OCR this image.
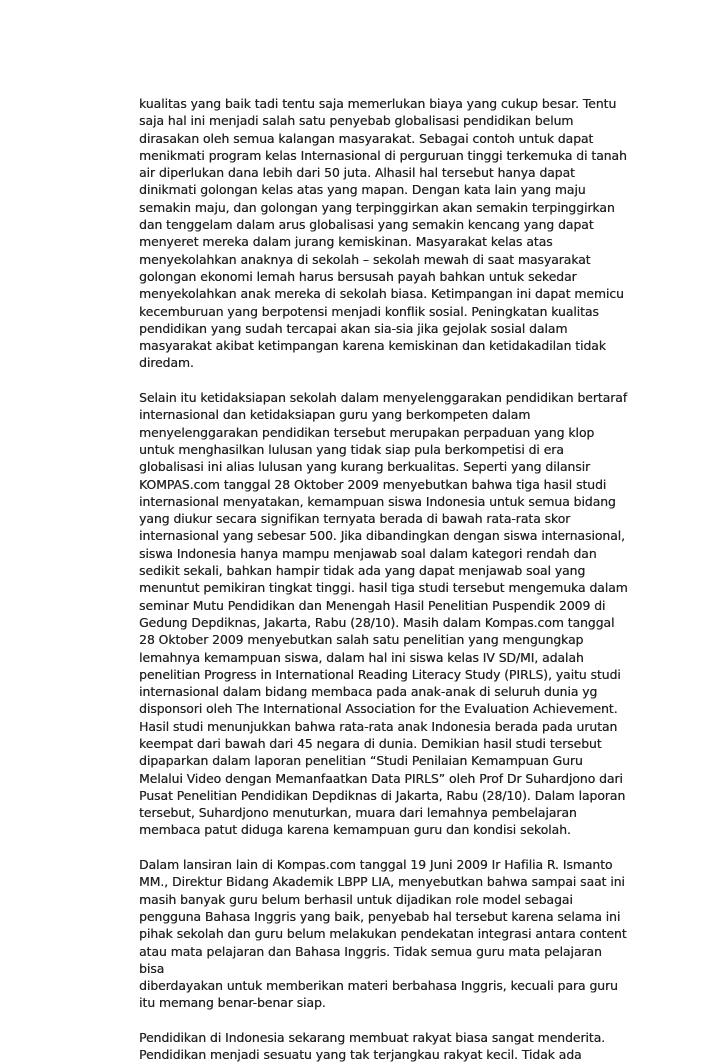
kualitas yang baik tadi tentu saja memerlukan biaya yang cukup besar. Tentu
saja hal ini menjadi salah satu penyebab globalisasi pendidikan belum
dirasakan oleh semua kalangan masyarakat. Sebagai contoh untuk dapat
menikmati program kelas Internasional di perguruan tinggi terkemuka di tanah
air diperlukan dana lebih dari 50 juta. Alhasil hal tersebut hanya dapat
dinikmati golongan kelas atas yang mapan. Dengan kata lain yang maju
semakin maju, dan golongan yang terpinggirkan akan semakin terpinggirkan
dan tenggelam dalam arus globalisasi yang semakin kencang yang dapat
menyeret mereka dalam jurang kemiskinan. Masyarakat kelas atas
menyekolahkan anaknya di sekolah – sekolah mewah di saat masyarakat
golongan ekonomi lemah harus bersusah payah bahkan untuk sekedar
menyekolahkan anak mereka di sekolah biasa. Ketimpangan ini dapat memicu
kecemburuan yang berpotensi menjadi konflik sosial. Peningkatan kualitas
pendidikan yang sudah tercapai akan sia-sia jika gejolak sosial dalam
masyarakat akibat ketimpangan karena kemiskinan dan ketidakadilan tidak
diredam.

Selain itu ketidaksiapan sekolah dalam menyelenggarakan pendidikan bertaraf
internasional dan ketidaksiapan guru yang berkompeten dalam
menyelenggarakan pendidikan tersebut merupakan perpaduan yang klop
untuk menghasilkan lulusan yang tidak siap pula berkompetisi di era
globalisasi ini alias lulusan yang kurang berkualitas. Seperti yang dilansir
KOMPAS.com tanggal 28 Oktober 2009 menyebutkan bahwa tiga hasil studi
internasional menyatakan, kemampuan siswa Indonesia untuk semua bidang
yang diukur secara signifikan ternyata berada di bawah rata-rata skor
internasional yang sebesar 500. Jika dibandingkan dengan siswa internasional,
siswa Indonesia hanya mampu menjawab soal dalam kategori rendah dan
sedikit sekali, bahkan hampir tidak ada yang dapat menjawab soal yang
menuntut pemikiran tingkat tinggi. hasil tiga studi tersebut mengemuka dalam
seminar Mutu Pendidikan dan Menengah Hasil Penelitian Puspendik 2009 di
Gedung Depdiknas, Jakarta, Rabu (28/10). Masih dalam Kompas.com tanggal
28 Oktober 2009 menyebutkan salah satu penelitian yang mengungkap
lemahnya kemampuan siswa, dalam hal ini siswa kelas IV SD/MI, adalah
penelitian Progress in International Reading Literacy Study (PIRLS), yaitu studi
internasional dalam bidang membaca pada anak-anak di seluruh dunia yg
disponsori oleh The International Association for the Evaluation Achievement.
Hasil studi menunjukkan bahwa rata-rata anak Indonesia berada pada urutan
keempat dari bawah dari 45 negara di dunia. Demikian hasil studi tersebut
dipaparkan dalam laporan penelitian “Studi Penilaian Kemampuan Guru
Melalui Video dengan Memanfaatkan Data PIRLS” oleh Prof Dr Suhardjono dari
Pusat Penelitian Pendidikan Depdiknas di Jakarta, Rabu (28/10). Dalam laporan
tersebut, Suhardjono menuturkan, muara dari lemahnya pembelajaran
membaca patut diduga karena kemampuan guru dan kondisi sekolah.

Dalam lansiran lain di Kompas.com tanggal 19 Juni 2009 Ir Hafilia R. Ismanto
MM., Direktur Bidang Akademik LBPP LIA, menyebutkan bahwa sampai saat ini
masih banyak guru belum berhasil untuk dijadikan role model sebagai
pengguna Bahasa Inggris yang baik, penyebab hal tersebut karena selama ini
pihak sekolah dan guru belum melakukan pendekatan integrasi antara content
atau mata pelajaran dan Bahasa Inggris. Tidak semua guru mata pelajaran bisa
diberdayakan untuk memberikan materi berbahasa Inggris, kecuali para guru
itu memang benar-benar siap.

Pendidikan di Indonesia sekarang membuat rakyat biasa sangat menderita.
Pendidikan menjadi sesuatu yang tak terjangkau rakyat kecil. Tidak ada
